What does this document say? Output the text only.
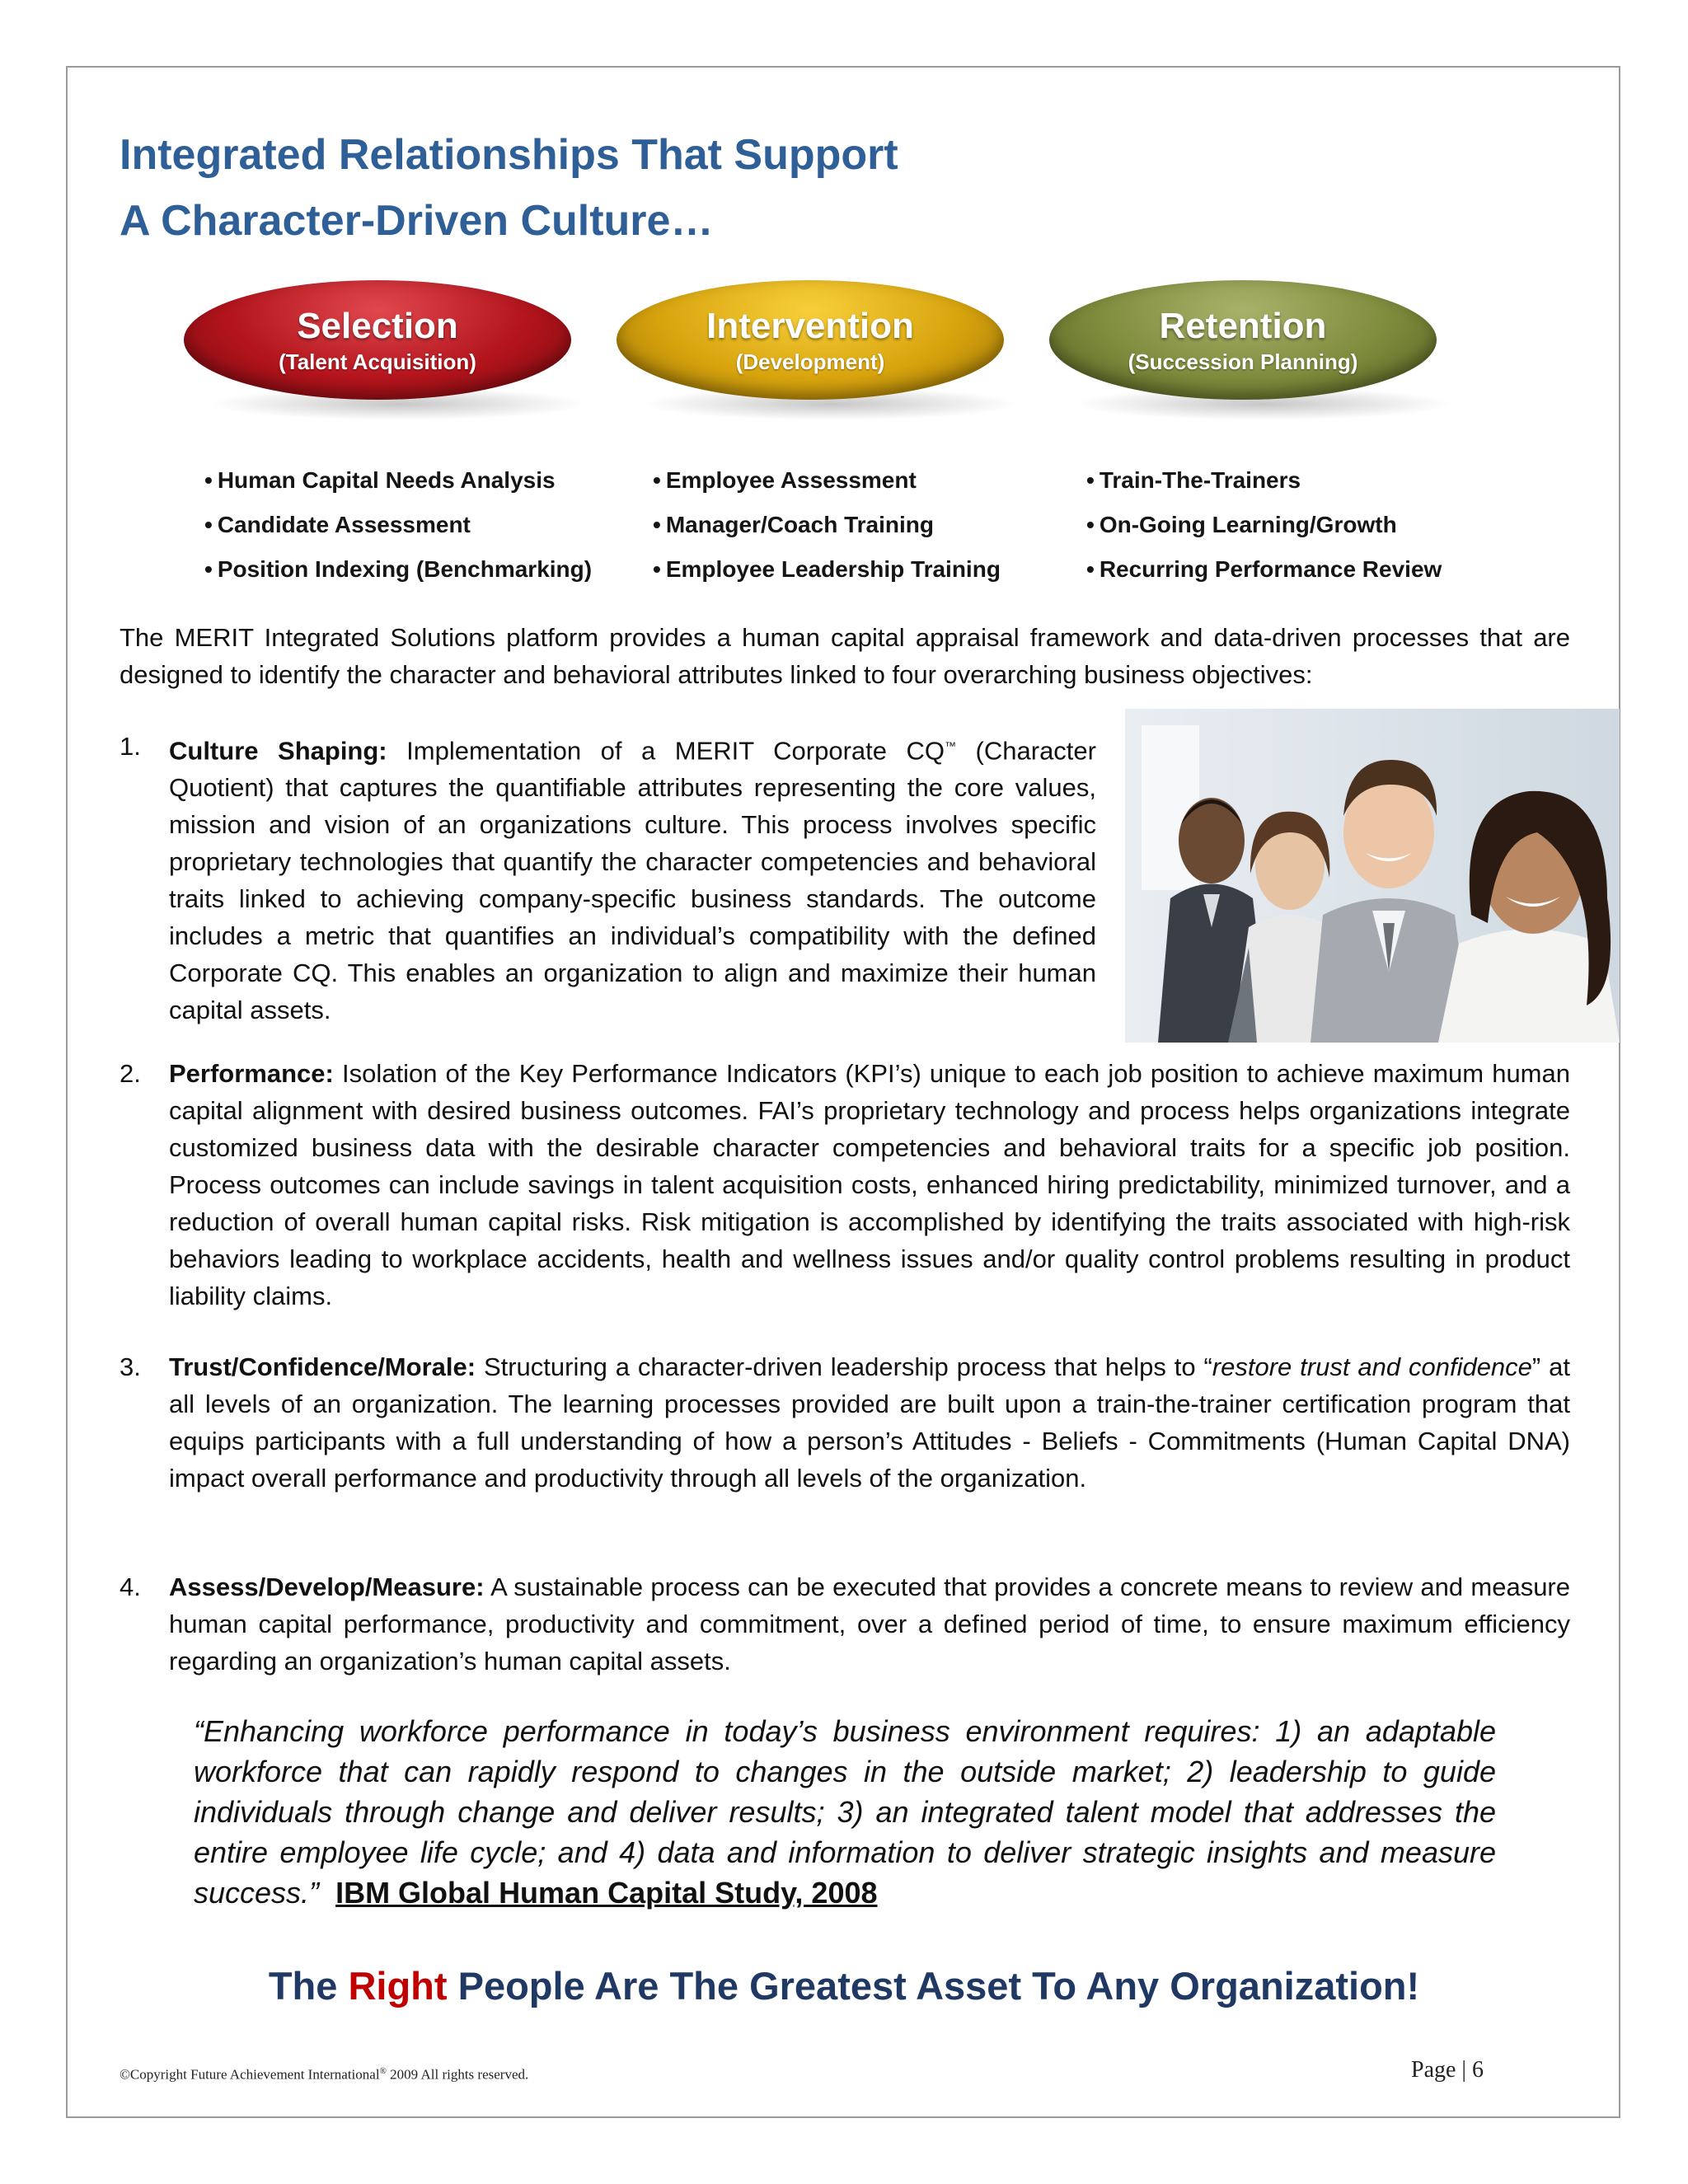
Integrated Relationships That Support
A Character-Driven Culture…
Selection
(Talent Acquisition)
Intervention
(Development)
Retention
(Succession Planning)
• Human Capital Needs Analysis
• Candidate Assessment
• Position Indexing (Benchmarking)
• Employee Assessment
• Manager/Coach Training
• Employee Leadership Training
• Train-The-Trainers
• On-Going Learning/Growth
• Recurring Performance Review

The MERIT Integrated Solutions platform provides a human capital appraisal framework and data-driven processes that are designed to identify the character and behavioral attributes linked to four overarching business objectives:

1.	Culture Shaping: Implementation of a MERIT Corporate CQ™ (Character Quotient) that captures the quantifiable attributes representing the core values, mission and vision of an organizations culture. This process involves specific proprietary technologies that quantify the character competencies and behavioral traits linked to achieving company-specific business standards. The outcome includes a metric that quantifies an individual’s compatibility with the defined Corporate CQ. This enables an organization to align and maximize their human capital assets.
2.	Performance: Isolation of the Key Performance Indicators (KPI’s) unique to each job position to achieve maximum human capital alignment with desired business outcomes. FAI’s proprietary technology and process helps organizations integrate customized business data with the desirable character competencies and behavioral traits for a specific job position. Process outcomes can include savings in talent acquisition costs, enhanced hiring predictability, minimized turnover, and a reduction of overall human capital risks. Risk mitigation is accomplished by identifying the traits associated with high-risk behaviors leading to workplace accidents, health and wellness issues and/or quality control problems resulting in product liability claims.
3.	Trust/Confidence/Morale: Structuring a character-driven leadership process that helps to “restore trust and confidence” at all levels of an organization. The learning processes provided are built upon a train-the-trainer certification program that equips participants with a full understanding of how a person’s Attitudes - Beliefs - Commitments (Human Capital DNA) impact overall performance and productivity through all levels of the organization.
4.	Assess/Develop/Measure: A sustainable process can be executed that provides a concrete means to review and measure human capital performance, productivity and commitment, over a defined period of time, to ensure maximum efficiency regarding an organization’s human capital assets.

“Enhancing workforce performance in today’s business environment requires: 1) an adaptable workforce that can rapidly respond to changes in the outside market; 2) leadership to guide individuals through change and deliver results; 3) an integrated talent model that addresses the entire employee life cycle; and 4) data and information to deliver strategic insights and measure success.” IBM Global Human Capital Study, 2008

The Right People Are The Greatest Asset To Any Organization!

©Copyright Future Achievement International® 2009 All rights reserved.	Page | 6
